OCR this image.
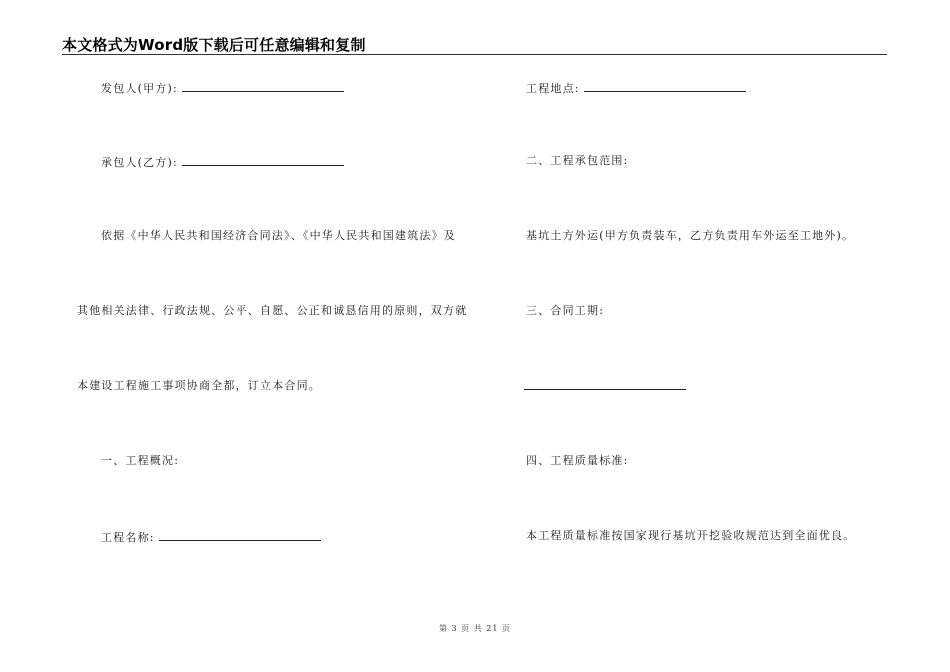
本文格式为Word版下载后可任意编辑和复制
发包人(甲方):
承包人(乙方):
依据《中华人民共和国经济合同法》、《中华人民共和国建筑法》及
其他相关法律、行政法规、公平、自愿、公正和诚恳信用的原则，双方就
本建设工程施工事项协商全都，订立本合同。
一、工程概况:
工程名称:
工程地点:
二、工程承包范围:
基坑土方外运(甲方负责装车，乙方负责用车外运至工地外)。
三、合同工期:
四、工程质量标准:
本工程质量标准按国家现行基坑开挖验收规范达到全面优良。
第 3 页 共 21 页
